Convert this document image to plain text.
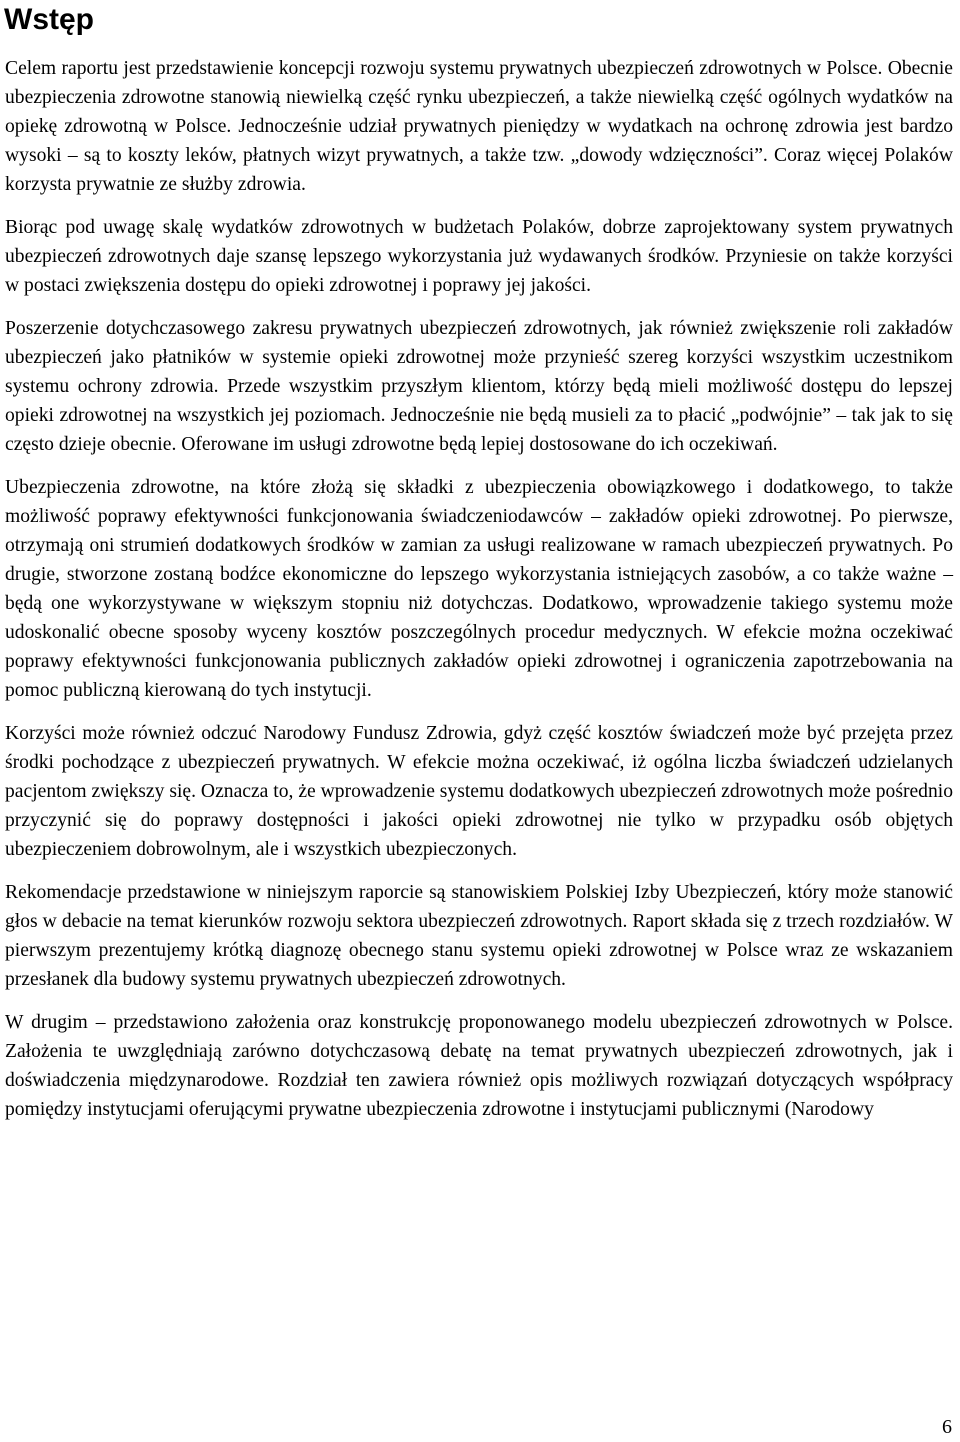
Wstęp

Celem raportu jest przedstawienie koncepcji rozwoju systemu prywatnych ubezpieczeń zdrowotnych w Polsce. Obecnie ubezpieczenia zdrowotne stanowią niewielką część rynku ubezpieczeń, a także niewielką część ogólnych wydatków na opiekę zdrowotną w Polsce. Jednocześnie udział prywatnych pieniędzy w wydatkach na ochronę zdrowia jest bardzo wysoki – są to koszty leków, płatnych wizyt prywatnych, a także tzw. „dowody wdzięczności”. Coraz więcej Polaków korzysta prywatnie ze służby zdrowia.

Biorąc pod uwagę skalę wydatków zdrowotnych w budżetach Polaków, dobrze zaprojektowany system prywatnych ubezpieczeń zdrowotnych daje szansę lepszego wykorzystania już wydawanych środków. Przyniesie on także korzyści w postaci zwiększenia dostępu do opieki zdrowotnej i poprawy jej jakości.

Poszerzenie dotychczasowego zakresu prywatnych ubezpieczeń zdrowotnych, jak również zwiększenie roli zakładów ubezpieczeń jako płatników w systemie opieki zdrowotnej może przynieść szereg korzyści wszystkim uczestnikom systemu ochrony zdrowia. Przede wszystkim przyszłym klientom, którzy będą mieli możliwość dostępu do lepszej opieki zdrowotnej na wszystkich jej poziomach. Jednocześnie nie będą musieli za to płacić „podwójnie” – tak jak to się często dzieje obecnie. Oferowane im usługi zdrowotne będą lepiej dostosowane do ich oczekiwań.

Ubezpieczenia zdrowotne, na które złożą się składki z ubezpieczenia obowiązkowego i dodatkowego, to także możliwość poprawy efektywności funkcjonowania świadczeniodawców – zakładów opieki zdrowotnej. Po pierwsze, otrzymają oni strumień dodatkowych środków w zamian za usługi realizowane w ramach ubezpieczeń prywatnych. Po drugie, stworzone zostaną bodźce ekonomiczne do lepszego wykorzystania istniejących zasobów, a co także ważne – będą one wykorzystywane w większym stopniu niż dotychczas. Dodatkowo, wprowadzenie takiego systemu może udoskonalić obecne sposoby wyceny kosztów poszczególnych procedur medycznych. W efekcie można oczekiwać poprawy efektywności funkcjonowania publicznych zakładów opieki zdrowotnej i ograniczenia zapotrzebowania na pomoc publiczną kierowaną do tych instytucji.

Korzyści może również odczuć Narodowy Fundusz Zdrowia, gdyż część kosztów świadczeń może być przejęta przez środki pochodzące z ubezpieczeń prywatnych. W efekcie można oczekiwać, iż ogólna liczba świadczeń udzielanych pacjentom zwiększy się. Oznacza to, że wprowadzenie systemu dodatkowych ubezpieczeń zdrowotnych może pośrednio przyczynić się do poprawy dostępności i jakości opieki zdrowotnej nie tylko w przypadku osób objętych ubezpieczeniem dobrowolnym, ale i wszystkich ubezpieczonych.

Rekomendacje przedstawione w niniejszym raporcie są stanowiskiem Polskiej Izby Ubezpieczeń, który może stanowić głos w debacie na temat kierunków rozwoju sektora ubezpieczeń zdrowotnych. Raport składa się z trzech rozdziałów. W pierwszym prezentujemy krótką diagnozę obecnego stanu systemu opieki zdrowotnej w Polsce wraz ze wskazaniem przesłanek dla budowy systemu prywatnych ubezpieczeń zdrowotnych.

W drugim – przedstawiono założenia oraz konstrukcję proponowanego modelu ubezpieczeń zdrowotnych w Polsce. Założenia te uwzględniają zarówno dotychczasową debatę na temat prywatnych ubezpieczeń zdrowotnych, jak i doświadczenia międzynarodowe. Rozdział ten zawiera również opis możliwych rozwiązań dotyczących współpracy pomiędzy instytucjami oferującymi prywatne ubezpieczenia zdrowotne i instytucjami publicznymi (Narodowy

6
